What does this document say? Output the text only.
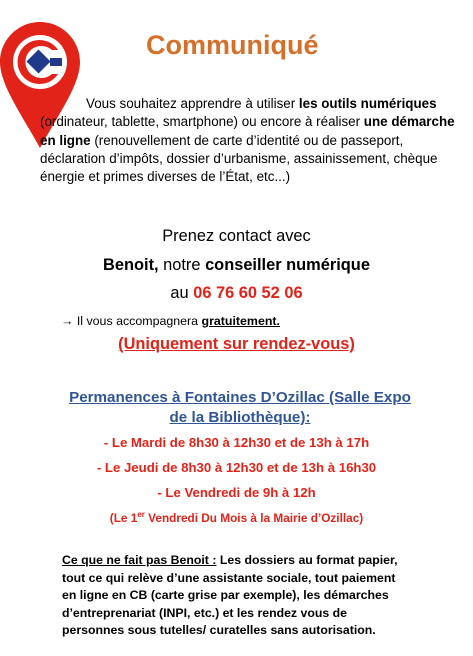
Communiqué
Vous souhaitez apprendre à utiliser les outils numériques (ordinateur, tablette, smartphone) ou encore à réaliser une démarche en ligne (renouvellement de carte d’identité ou de passeport, déclaration d’impôts, dossier d’urbanisme, assainissement, chèque énergie et primes diverses de l’État, etc...)
Prenez contact avec
Benoit, notre conseiller numérique
au 06 76 60 52 06
→ Il vous accompagnera gratuitement.
(Uniquement sur rendez-vous)
Permanences à Fontaines D’Ozillac (Salle Expo de la Bibliothèque):
- Le Mardi de 8h30 à 12h30 et de 13h à 17h
- Le Jeudi de 8h30 à 12h30 et de 13h à 16h30
- Le Vendredi de 9h à 12h
(Le 1er Vendredi Du Mois à la Mairie d’Ozillac)
Ce que ne fait pas Benoit : Les dossiers au format papier, tout ce qui relève d’une assistante sociale, tout paiement en ligne en CB (carte grise par exemple), les démarches d’entreprenariat (INPI, etc.) et les rendez vous de personnes sous tutelles/ curatelles sans autorisation.
